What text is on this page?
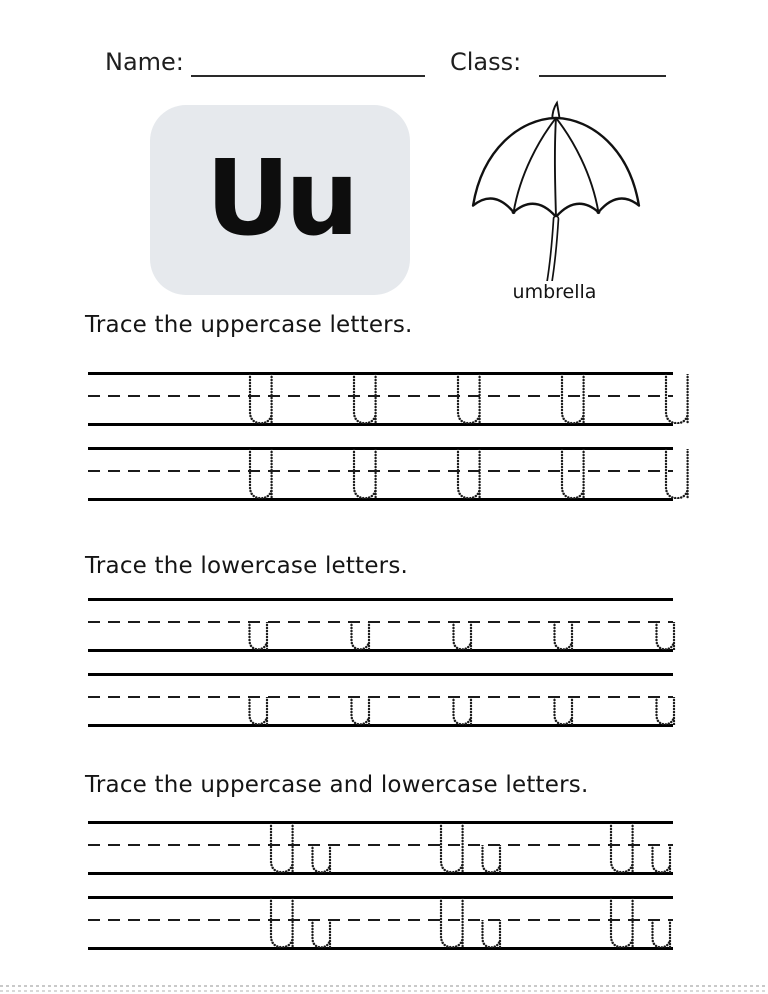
Name:	Class:
Uu
umbrella
Trace the uppercase letters.
Trace the lowercase letters.
Trace the uppercase and lowercase letters.
